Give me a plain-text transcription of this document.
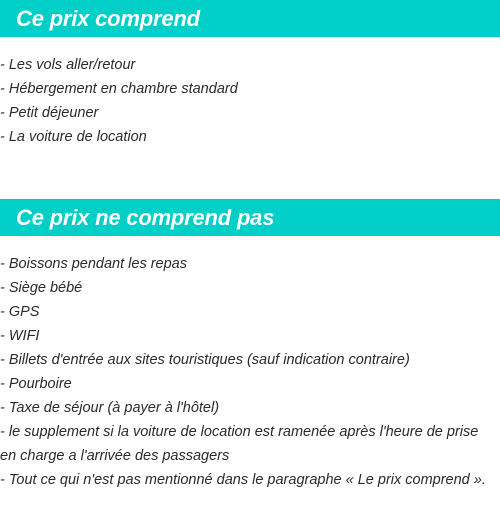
Ce prix comprend
- Les vols aller/retour
- Hébergement en chambre standard
- Petit déjeuner
- La voiture de location
Ce prix ne comprend pas
- Boissons pendant les repas
- Siège bébé
- GPS
- WIFI
- Billets d'entrée aux sites touristiques (sauf indication contraire)
- Pourboire
- Taxe de séjour (à payer à l'hôtel)
- le supplement si la voiture de location est ramenée après l'heure de prise en charge a l'arrivée des passagers
- Tout ce qui n'est pas mentionné dans le paragraphe « Le prix comprend ».
